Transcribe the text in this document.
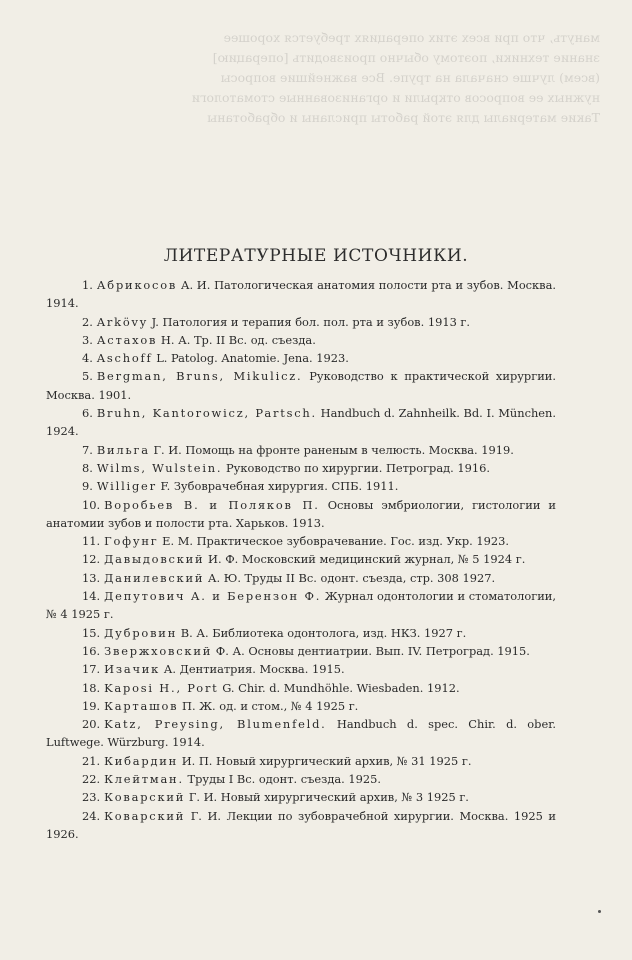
мануть, что при всех этих операциях требуется хорошее
знание техники, поэтому обычно производить [операцию]
(всем) лучше сначала на трупе. Все важнейшие вопросы
нужных ее вопросов открыли и организованные стоматологи
Такие материалы для этой работы присланы и обработаны
ЛИТЕРАТУРНЫЕ ИСТОЧНИКИ.

1. Абрикосов А. И. Патологическая анатомия полости рта и зубов. Москва. 1914.

2. Arkövy J. Патология и терапия бол. пол. рта и зубов. 1913 г.

3. Астахов Н. А. Тр. II Вс. од. съезда.

4. Aschoff L. Patolog. Anatomie. Jena. 1923.

5. Bergman, Bruns, Mikulicz. Руководство к практической хирургии. Москва. 1901.

6. Bruhn, Kantorowicz, Partsch. Handbuch d. Zahnheilk. Bd. I. München. 1924.

7. Вильга Г. И. Помощь на фронте раненым в челюсть. Москва. 1919.

8. Wilms, Wulstein. Руководство по хирургии. Петроград. 1916.

9. Williger F. Зубоврачебная хирургия. СПБ. 1911.

10. Воробьев В. и Поляков П. Основы эмбриологии, гистологии и анатомии зубов и полости рта. Харьков. 1913.

11. Гофунг Е. М. Практическое зубоврачевание. Гос. изд. Укр. 1923.

12. Давыдовский И. Ф. Московский медицинский журнал, № 5 1924 г.

13. Данилевский А. Ю. Труды II Вс. одонт. съезда, стр. 308 1927.

14. Депутович А. и Берензон Ф. Журнал одонтологии и стоматологии, № 4 1925 г.

15. Дубровин В. А. Библиотека одонтолога, изд. НКЗ. 1927 г.

16. Звержховский Ф. А. Основы дентиатрии. Вып. IV. Петроград. 1915.

17. Изачик А. Дентиатрия. Москва. 1915.

18. Kaposi H., Port G. Chir. d. Mundhöhle. Wiesbaden. 1912.

19. Карташов П. Ж. од. и стом., № 4 1925 г.

20. Katz, Preysing, Blumenfeld. Handbuch d. spec. Chir. d. ober. Luftwege. Würzburg. 1914.

21. Кибардин И. П. Новый хирургический архив, № 31 1925 г.

22. Клейтман. Труды I Вс. одонт. съезда. 1925.

23. Коварский Г. И. Новый хирургический архив, № 3 1925 г.

24. Коварский Г. И. Лекции по зубоврачебной хирургии. Москва. 1925 и 1926.
